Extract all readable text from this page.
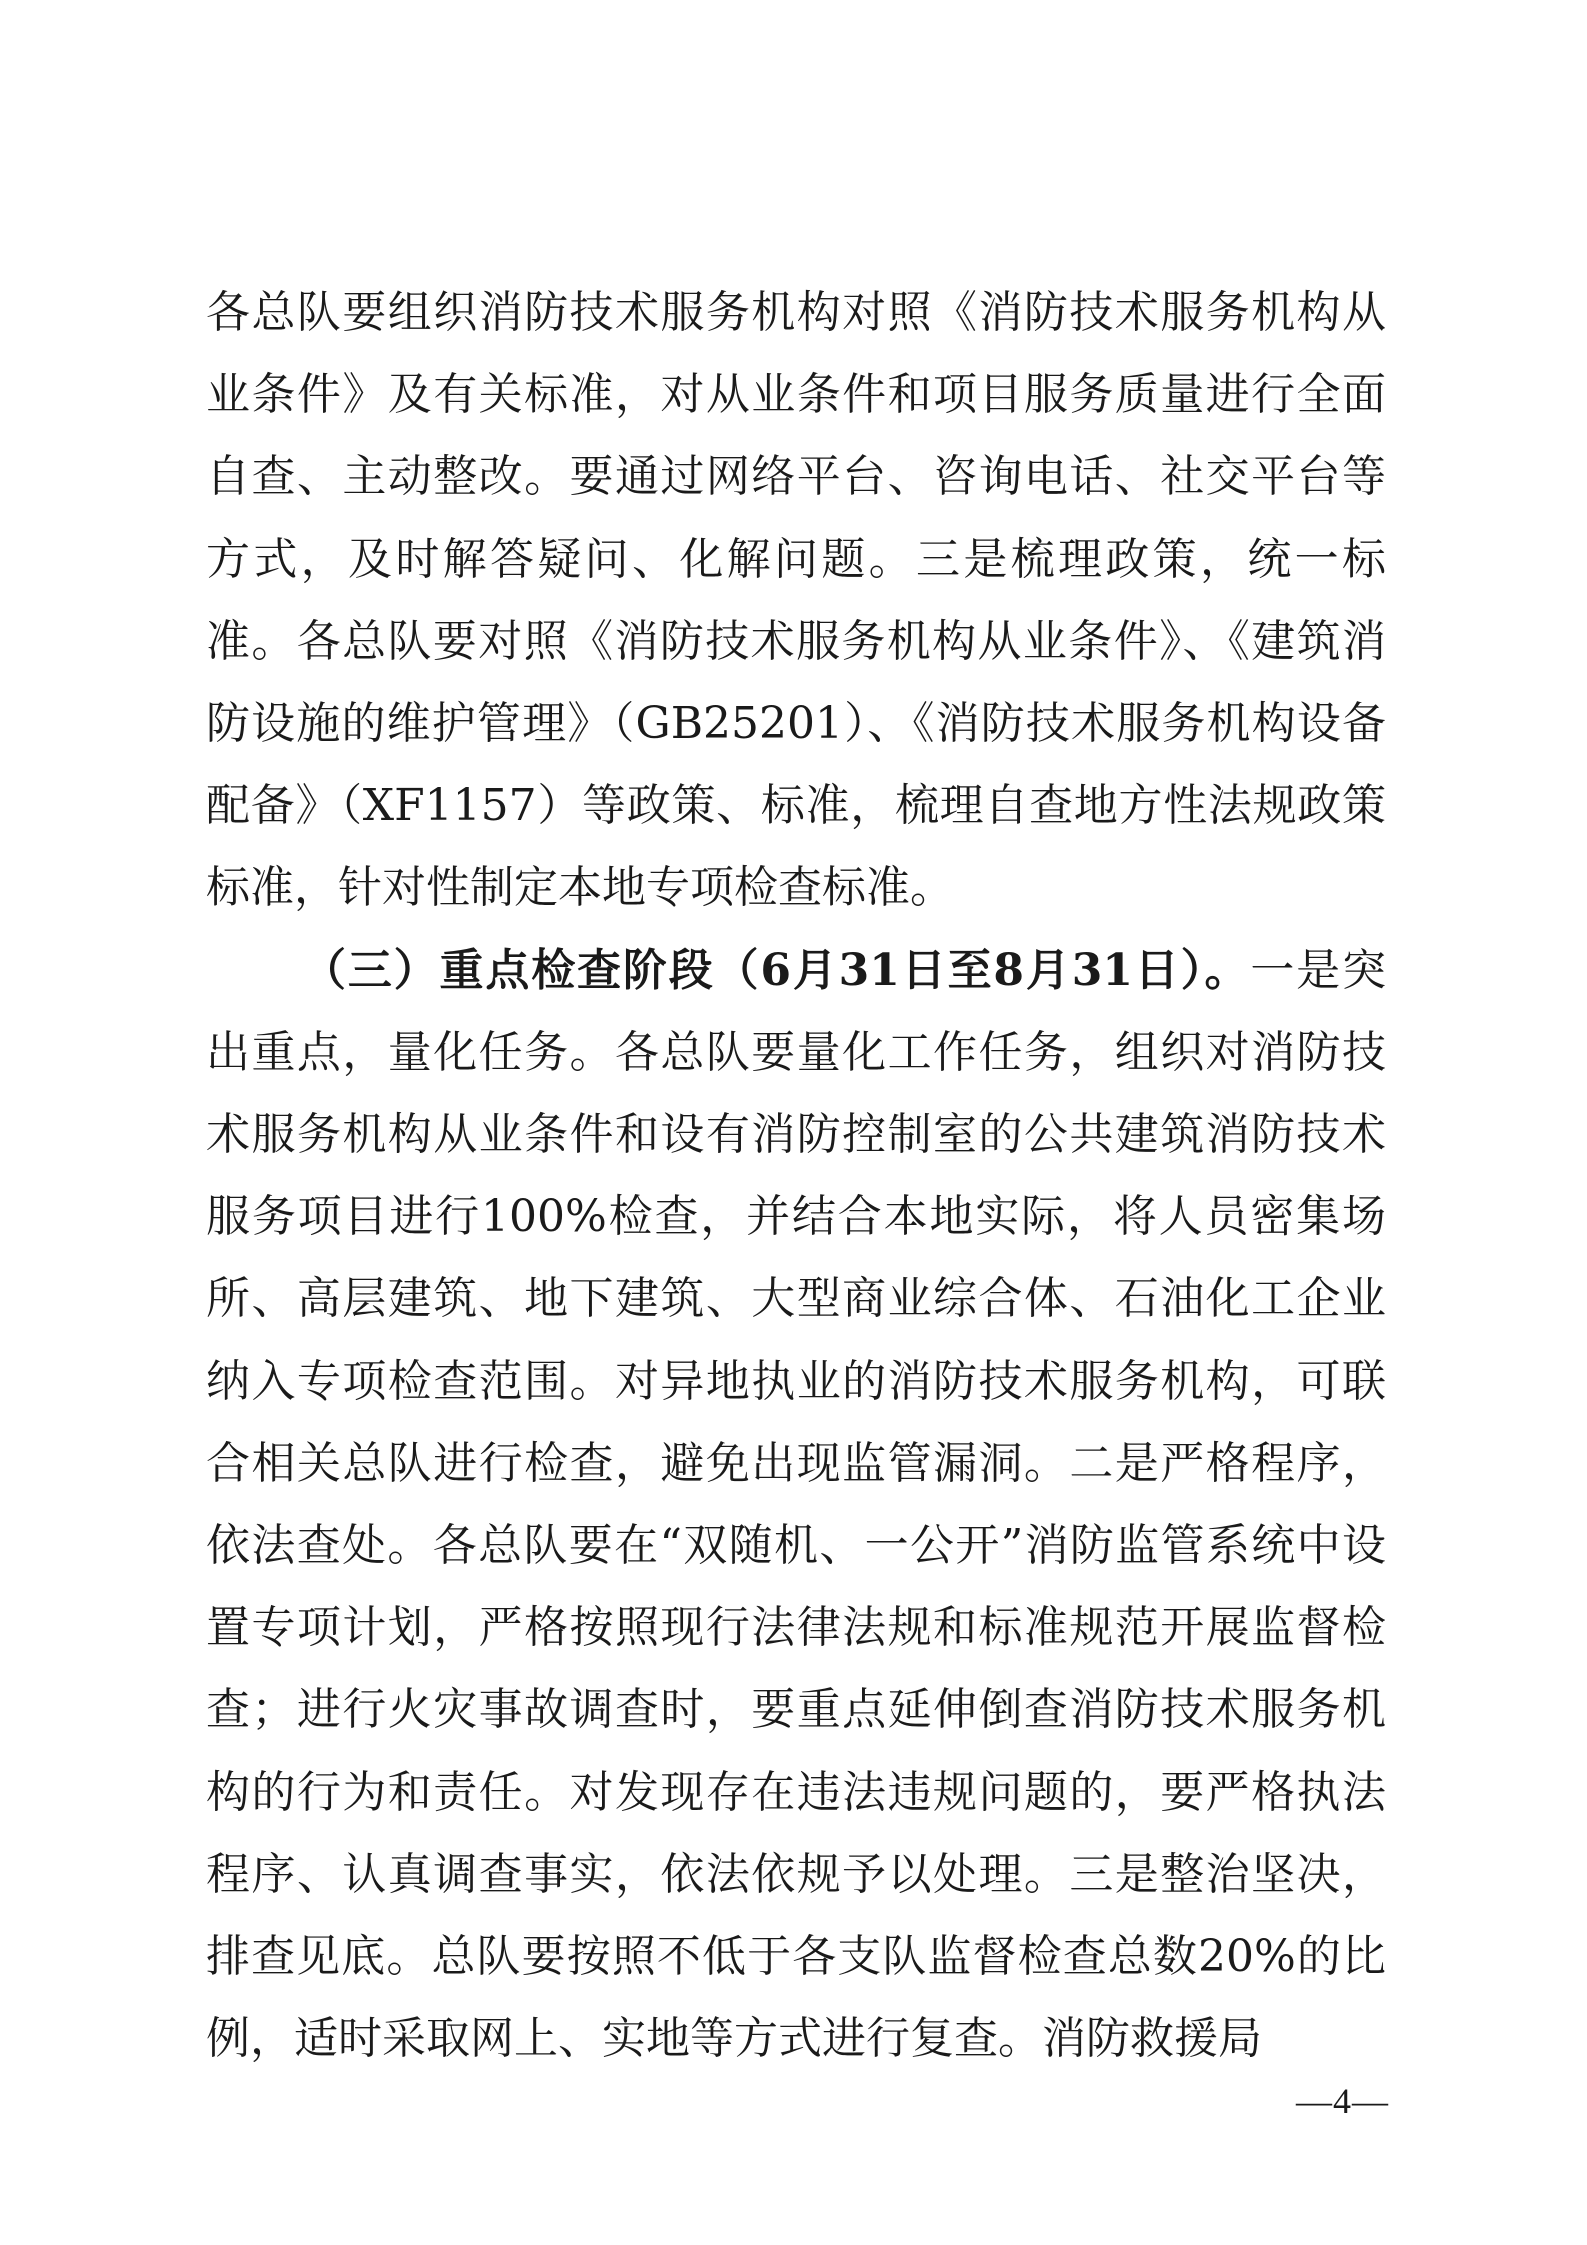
各总队要组织消防技术服务机构对照《消防技术服务机构从业条件》及有关标准，对从业条件和项目服务质量进行全面自查、主动整改。要通过网络平台、咨询电话、社交平台等方式，及时解答疑问、化解问题。三是梳理政策，统一标准。各总队要对照《消防技术服务机构从业条件》、《建筑消防设施的维护管理》（GB25201）、《消防技术服务机构设备配备》（XF1157）等政策、标准，梳理自查地方性法规政策标准，针对性制定本地专项检查标准。

（三）重点检查阶段（6月31日至8月31日）。一是突出重点，量化任务。各总队要量化工作任务，组织对消防技术服务机构从业条件和设有消防控制室的公共建筑消防技术服务项目进行100%检查，并结合本地实际，将人员密集场所、高层建筑、地下建筑、大型商业综合体、石油化工企业纳入专项检查范围。对异地执业的消防技术服务机构，可联合相关总队进行检查，避免出现监管漏洞。二是严格程序，依法查处。各总队要在“双随机、一公开”消防监管系统中设置专项计划，严格按照现行法律法规和标准规范开展监督检查；进行火灾事故调查时，要重点延伸倒查消防技术服务机构的行为和责任。对发现存在违法违规问题的，要严格执法程序、认真调查事实，依法依规予以处理。三是整治坚决，排查见底。总队要按照不低于各支队监督检查总数20%的比例，适时采取网上、实地等方式进行复查。消防救援局

—4—
